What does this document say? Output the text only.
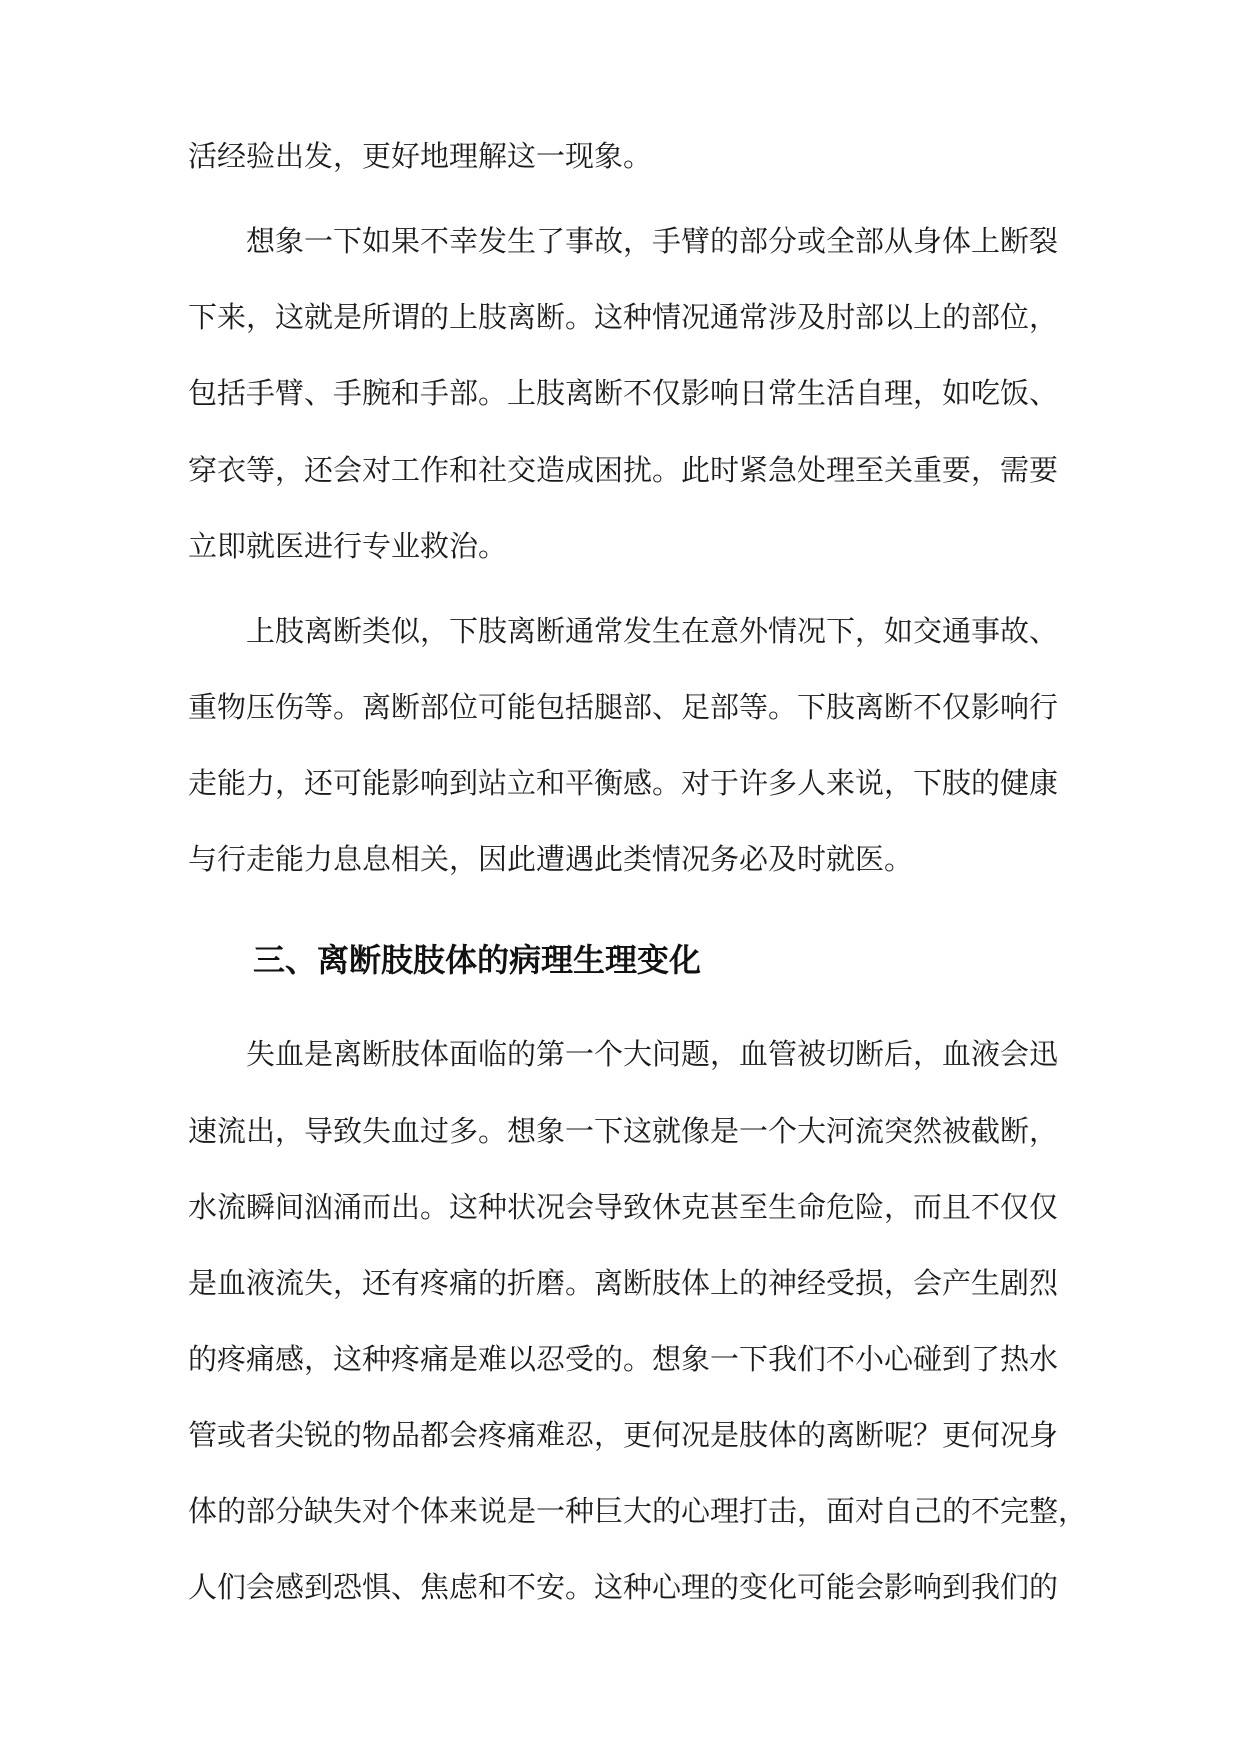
活经验出发，更好地理解这一现象。
想象一下如果不幸发生了事故，手臂的部分或全部从身体上断裂
下来，这就是所谓的上肢离断。这种情况通常涉及肘部以上的部位，
包括手臂、手腕和手部。上肢离断不仅影响日常生活自理，如吃饭、
穿衣等，还会对工作和社交造成困扰。此时紧急处理至关重要，需要
立即就医进行专业救治。
上肢离断类似，下肢离断通常发生在意外情况下，如交通事故、
重物压伤等。离断部位可能包括腿部、足部等。下肢离断不仅影响行
走能力，还可能影响到站立和平衡感。对于许多人来说，下肢的健康
与行走能力息息相关，因此遭遇此类情况务必及时就医。
三、离断肢肢体的病理生理变化
失血是离断肢体面临的第一个大问题，血管被切断后，血液会迅
速流出，导致失血过多。想象一下这就像是一个大河流突然被截断，
水流瞬间汹涌而出。这种状况会导致休克甚至生命危险，而且不仅仅
是血液流失，还有疼痛的折磨。离断肢体上的神经受损，会产生剧烈
的疼痛感，这种疼痛是难以忍受的。想象一下我们不小心碰到了热水
管或者尖锐的物品都会疼痛难忍，更何况是肢体的离断呢？更何况身
体的部分缺失对个体来说是一种巨大的心理打击，面对自己的不完整，
人们会感到恐惧、焦虑和不安。这种心理的变化可能会影响到我们的
